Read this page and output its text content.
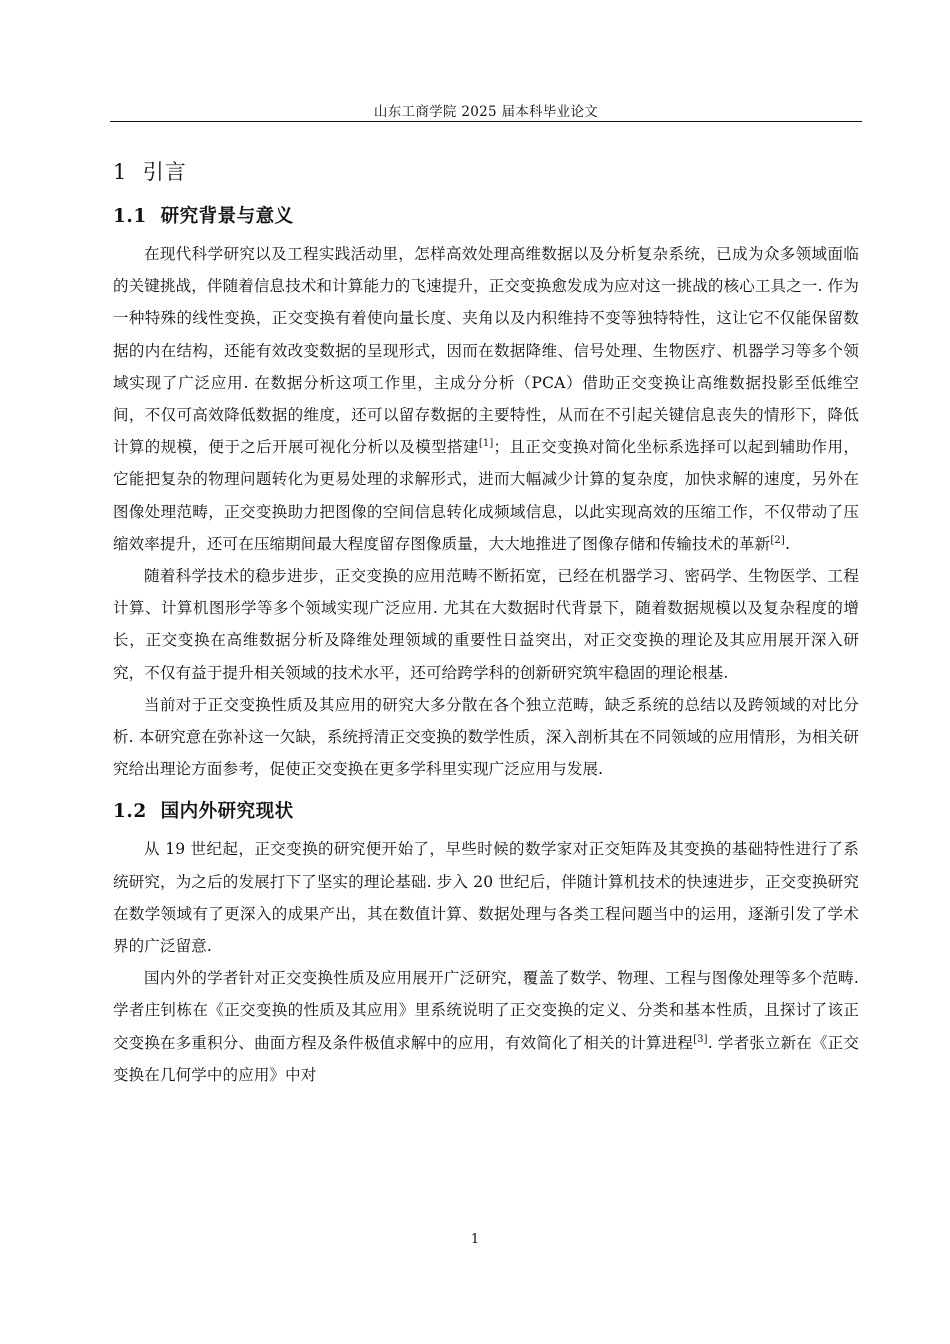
山东工商学院 2025 届本科毕业论文
1 引言
1.1 研究背景与意义

在现代科学研究以及工程实践活动里，怎样高效处理高维数据以及分析复杂系统，已成为众多领域面临的关键挑战，伴随着信息技术和计算能力的飞速提升，正交变换愈发成为应对这一挑战的核心工具之一. 作为一种特殊的线性变换，正交变换有着使向量长度、夹角以及内积维持不变等独特特性，这让它不仅能保留数据的内在结构，还能有效改变数据的呈现形式，因而在数据降维、信号处理、生物医疗、机器学习等多个领域实现了广泛应用. 在数据分析这项工作里，主成分分析（PCA）借助正交变换让高维数据投影至低维空间，不仅可高效降低数据的维度，还可以留存数据的主要特性，从而在不引起关键信息丧失的情形下，降低计算的规模，便于之后开展可视化分析以及模型搭建[1]；且正交变换对简化坐标系选择可以起到辅助作用，它能把复杂的物理问题转化为更易处理的求解形式，进而大幅减少计算的复杂度，加快求解的速度，另外在图像处理范畴，正交变换助力把图像的空间信息转化成频域信息，以此实现高效的压缩工作，不仅带动了压缩效率提升，还可在压缩期间最大程度留存图像质量，大大地推进了图像存储和传输技术的革新[2].

随着科学技术的稳步进步，正交变换的应用范畴不断拓宽，已经在机器学习、密码学、生物医学、工程计算、计算机图形学等多个领域实现广泛应用. 尤其在大数据时代背景下，随着数据规模以及复杂程度的增长，正交变换在高维数据分析及降维处理领域的重要性日益突出，对正交变换的理论及其应用展开深入研究，不仅有益于提升相关领域的技术水平，还可给跨学科的创新研究筑牢稳固的理论根基.

当前对于正交变换性质及其应用的研究大多分散在各个独立范畴，缺乏系统的总结以及跨领域的对比分析. 本研究意在弥补这一欠缺，系统捋清正交变换的数学性质，深入剖析其在不同领域的应用情形，为相关研究给出理论方面参考，促使正交变换在更多学科里实现广泛应用与发展.

1.2 国内外研究现状

从 19 世纪起，正交变换的研究便开始了，早些时候的数学家对正交矩阵及其变换的基础特性进行了系统研究，为之后的发展打下了坚实的理论基础. 步入 20 世纪后，伴随计算机技术的快速进步，正交变换研究在数学领域有了更深入的成果产出，其在数值计算、数据处理与各类工程问题当中的运用，逐渐引发了学术界的广泛留意.

国内外的学者针对正交变换性质及应用展开广泛研究，覆盖了数学、物理、工程与图像处理等多个范畴. 学者庄钊栋在《正交变换的性质及其应用》里系统说明了正交变换的定义、分类和基本性质，且探讨了该正交变换在多重积分、曲面方程及条件极值求解中的应用，有效简化了相关的计算进程[3]. 学者张立新在《正交变换在几何学中的应用》中对

1
